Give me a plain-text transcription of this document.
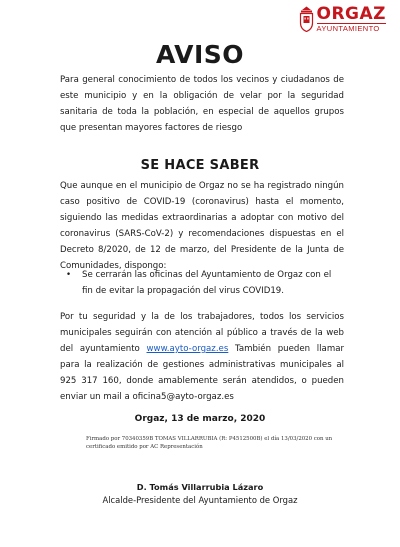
ORGAZ
AYUNTAMIENTO
AVISO

Para general conocimiento de todos los vecinos y ciudadanos de este municipio y en la obligación de velar por la seguridad sanitaria de toda la población, en especial de aquellos grupos que presentan mayores factores de riesgo

SE HACE SABER

Que aunque en el municipio de Orgaz no se ha registrado ningún caso positivo de COVID-19 (coronavirus) hasta el momento, siguiendo las medidas extraordinarias a adoptar con motivo del coronavirus (SARS-CoV-2) y recomendaciones dispuestas en el Decreto 8/2020, de 12 de marzo, del Presidente de la Junta de Comunidades, dispongo:

• Se cerrarán las oficinas del Ayuntamiento de Orgaz con el fin de evitar la propagación del virus COVID19.

Por tu seguridad y la de los trabajadores, todos los servicios municipales seguirán con atención al público a través de la web del ayuntamiento www.ayto-orgaz.es También pueden llamar para la realización de gestiones administrativas municipales al 925 317 160, donde amablemente serán atendidos, o pueden enviar un mail a oficina5@ayto-orgaz.es

Orgaz, 13 de marzo, 2020

Firmado por 70340359B TOMAS VILLARRUBIA (R: P4512500B) el día 13/03/2020 con un certificado emitido por AC Representación

D. Tomás Villarrubia Lázaro

Alcalde-Presidente del Ayuntamiento de Orgaz
